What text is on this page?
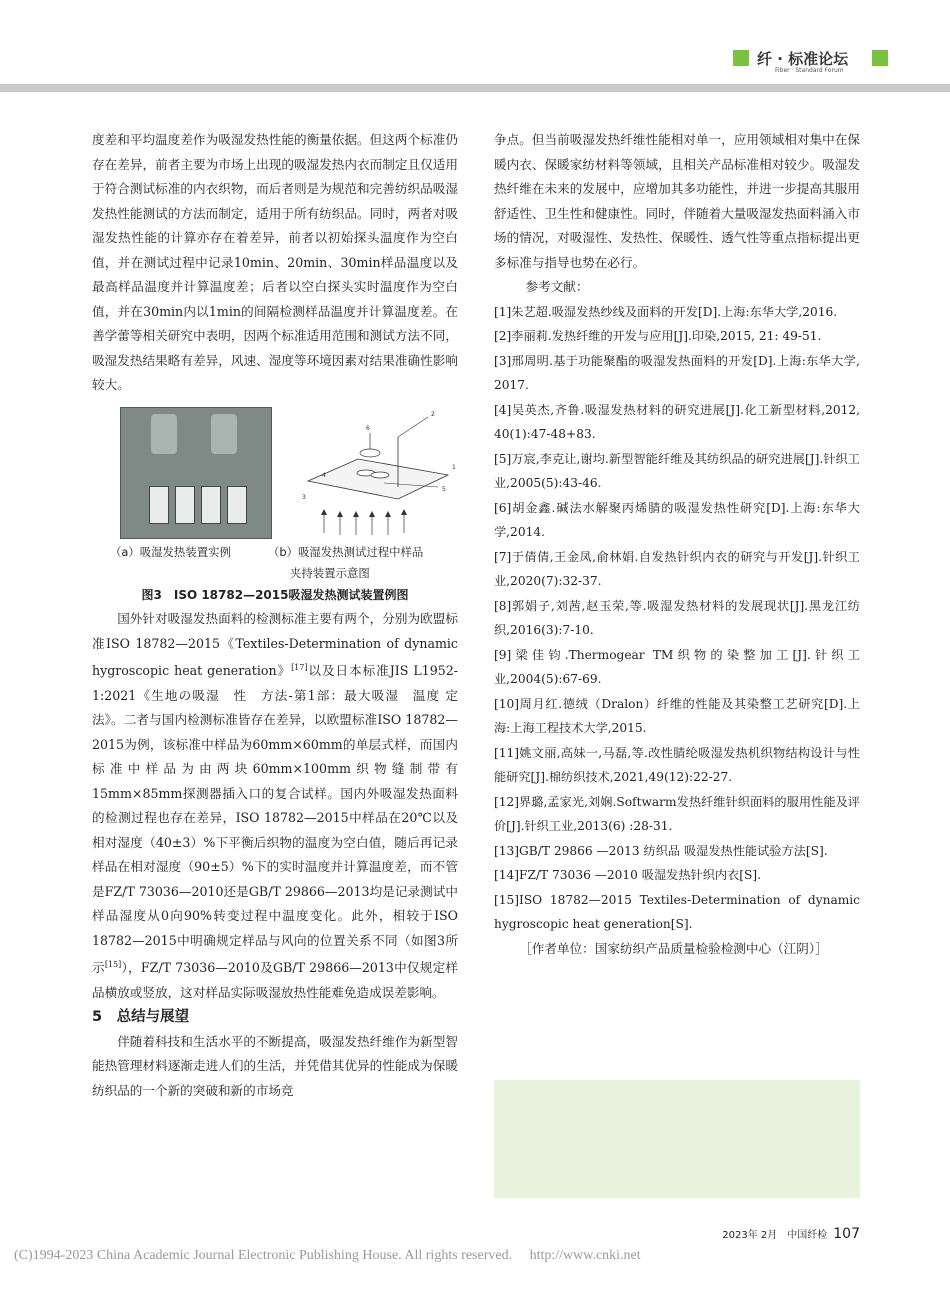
纤 · 标准论坛
Fiber · Standard Forum

度差和平均温度差作为吸湿发热性能的衡量依据。但这两个标准仍存在差异，前者主要为市场上出现的吸湿发热内衣而制定且仅适用于符合测试标准的内衣织物，而后者则是为规范和完善纺织品吸湿发热性能测试的方法而制定，适用于所有纺织品。同时，两者对吸湿发热性能的计算亦存在着差异，前者以初始探头温度作为空白值，并在测试过程中记录10min、20min、30min样品温度以及最高样品温度并计算温度差；后者以空白探头实时温度作为空白值，并在30min内以1min的间隔检测样品温度并计算温度差。在善学蕾等相关研究中表明，因两个标准适用范围和测试方法不同，吸湿发热结果略有差异，风速、湿度等环境因素对结果准确性影响较大。

2
6
1
4
3
5
（a）吸湿发热装置实例	（b）吸湿发热测试过程中样品
夹持装置示意图

图3　ISO 18782—2015吸湿发热测试装置例图

国外针对吸湿发热面料的检测标准主要有两个，分别为欧盟标准ISO 18782—2015《Textiles-Determination of dynamic hygroscopic heat generation》[17]以及日本标准JIS L1952-1:2021《生地の吸湿　性　方法-第1部：最大吸湿　温度 定法》。二者与国内检测标准皆存在差异，以欧盟标准ISO 18782—2015为例，该标准中样品为60mm×60mm的单层式样，而国内标准中样品为由两块60mm×100mm织物缝制带有15mm×85mm探测器插入口的复合试样。国内外吸湿发热面料的检测过程也存在差异，ISO 18782—2015中样品在20℃以及相对湿度（40±3）%下平衡后织物的温度为空白值，随后再记录样品在相对湿度（90±5）%下的实时温度并计算温度差，而不管是FZ/T 73036—2010还是GB/T 29866—2013均是记录测试中样品湿度从0向90%转变过程中温度变化。此外，相较于ISO 18782—2015中明确规定样品与风向的位置关系不同（如图3所示[15]），FZ/T 73036—2010及GB/T 29866—2013中仅规定样品横放或竖放，这对样品实际吸湿放热性能难免造成误差影响。

5　总结与展望

伴随着科技和生活水平的不断提高，吸湿发热纤维作为新型智能热管理材料逐渐走进人们的生活，并凭借其优异的性能成为保暖纺织品的一个新的突破和新的市场竞

争点。但当前吸湿发热纤维性能相对单一，应用领域相对集中在保暖内衣、保暖家纺材料等领域，且相关产品标准相对较少。吸湿发热纤维在未来的发展中，应增加其多功能性，并进一步提高其服用舒适性、卫生性和健康性。同时，伴随着大量吸湿发热面料涌入市场的情况，对吸湿性、发热性、保暖性、透气性等重点指标提出更多标准与指导也势在必行。

参考文献：

[1]朱艺超.吸湿发热纱线及面料的开发[D].上海:东华大学,2016.

[2]李丽莉.发热纤维的开发与应用[J].印染,2015, 21: 49-51.

[3]邢周明.基于功能聚酯的吸湿发热面料的开发[D].上海:东华大学, 2017.

[4]吴英杰,齐鲁.吸湿发热材料的研究进展[J].化工新型材料,2012, 40(1):47-48+83.

[5]万宸,李克让,谢均.新型智能纤维及其纺织品的研究进展[J].针织工业,2005(5):43-46.

[6]胡金鑫.碱法水解聚丙烯腈的吸湿发热性研究[D].上海:东华大学,2014.

[7]于倩倩,王金凤,俞林娟.自发热针织内衣的研究与开发[J].针织工业,2020(7):32-37.

[8]郭娟子,刘茜,赵玉荣,等.吸湿发热材料的发展现状[J].黑龙江纺织,2016(3):7-10.

[9]梁佳钧.Thermogear TM织物的染整加工[J].针织工业,2004(5):67-69.

[10]周月红.德绒（Dralon）纤维的性能及其染整工艺研究[D].上海:上海工程技术大学,2015.

[11]姚文丽,高妹一,马磊,等.改性腈纶吸湿发热机织物结构设计与性能研究[J].棉纺织技术,2021,49(12):22-27.

[12]界璐,孟家光,刘娴.Softwarm发热纤维针织面料的服用性能及评价[J].针织工业,2013(6) :28-31.

[13]GB/T 29866 —2013 纺织品 吸湿发热性能试验方法[S].

[14]FZ/T 73036 —2010 吸湿发热针织内衣[S].

[15]ISO 18782—2015 Textiles-Determination of dynamic hygroscopic heat generation[S].

［作者单位：国家纺织产品质量检验检测中心（江阴）］

2023年 2月　中国纤检 107
(C)1994-2023 China Academic Journal Electronic Publishing House. All rights reserved.　 http://www.cnki.net
